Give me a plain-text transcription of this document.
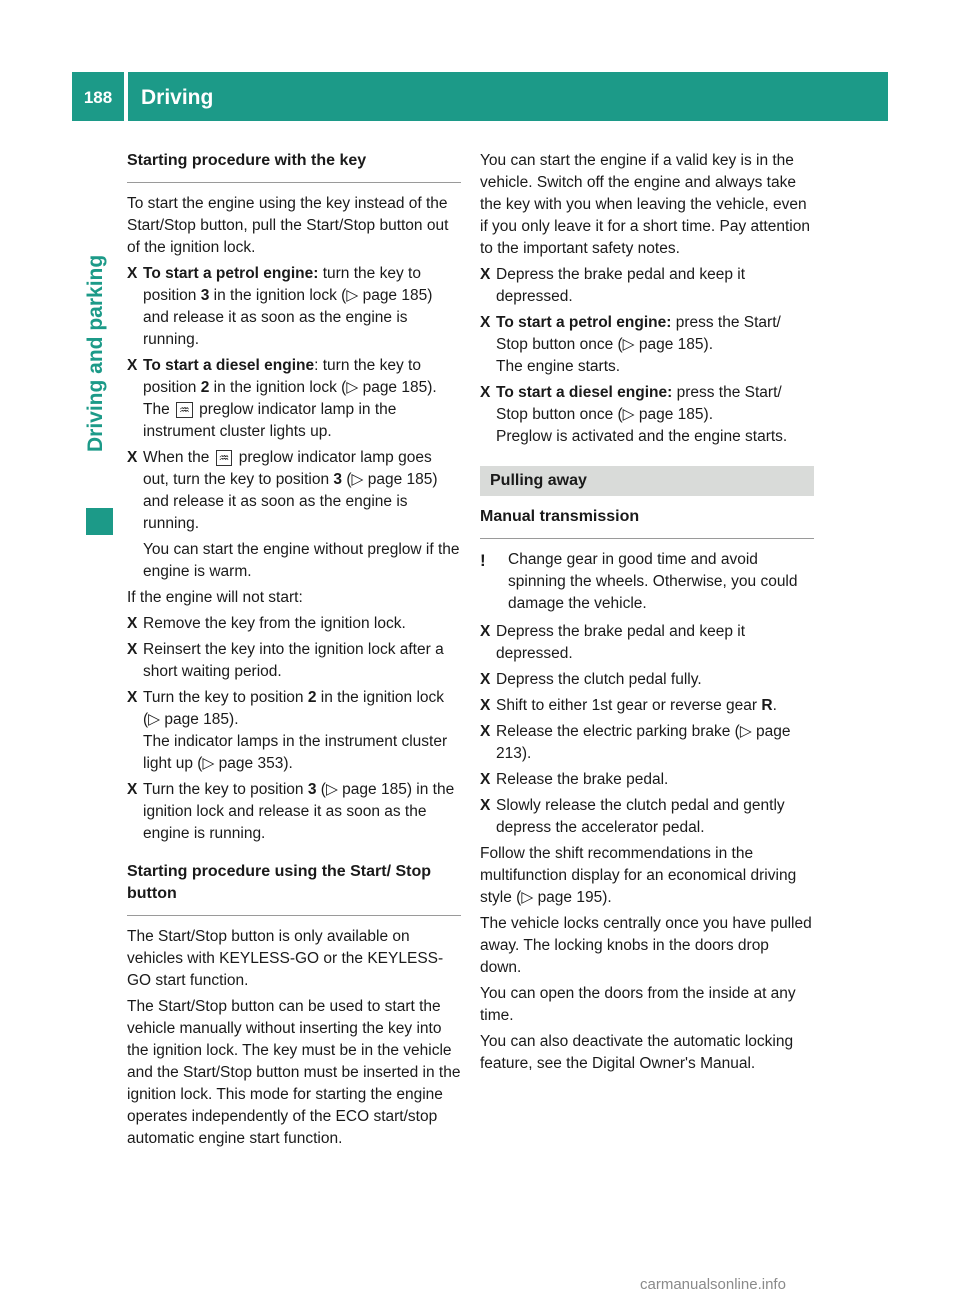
188	Driving
Driving and parking
Starting procedure with the key

To start the engine using the key instead of the Start/Stop button, pull the Start/Stop button out of the ignition lock.

X To start a petrol engine: turn the key to position 3 in the ignition lock (▷ page 185) and release it as soon as the engine is running.
X To start a diesel engine: turn the key to position 2 in the ignition lock (▷ page 185).
The ♒ preglow indicator lamp in the instrument cluster lights up.
X When the ♒ preglow indicator lamp goes out, turn the key to position 3 (▷ page 185) and release it as soon as the engine is running.

You can start the engine without preglow if the engine is warm.

If the engine will not start:

X Remove the key from the ignition lock.
X Reinsert the key into the ignition lock after a short waiting period.
X Turn the key to position 2 in the ignition lock (▷ page 185).
The indicator lamps in the instrument cluster light up (▷ page 353).
X Turn the key to position 3 (▷ page 185) in the ignition lock and release it as soon as the engine is running.
Starting procedure using the Start/ Stop button

The Start/Stop button is only available on vehicles with KEYLESS-GO or the KEYLESS-GO start function.

The Start/Stop button can be used to start the vehicle manually without inserting the key into the ignition lock. The key must be in the vehicle and the Start/Stop button must be inserted in the ignition lock. This mode for starting the engine operates independently of the ECO start/stop automatic engine start function.

You can start the engine if a valid key is in the vehicle. Switch off the engine and always take the key with you when leaving the vehicle, even if you only leave it for a short time. Pay attention to the important safety notes.

X Depress the brake pedal and keep it depressed.
X To start a petrol engine: press the Start/ Stop button once (▷ page 185).
The engine starts.
X To start a diesel engine: press the Start/ Stop button once (▷ page 185).
Preglow is activated and the engine starts.
Pulling away
Manual transmission
!	Change gear in good time and avoid spinning the wheels. Otherwise, you could damage the vehicle.
X Depress the brake pedal and keep it depressed.
X Depress the clutch pedal fully.
X Shift to either 1st gear or reverse gear R.
X Release the electric parking brake (▷ page 213).
X Release the brake pedal.
X Slowly release the clutch pedal and gently depress the accelerator pedal.

Follow the shift recommendations in the multifunction display for an economical driving style (▷ page 195).

The vehicle locks centrally once you have pulled away. The locking knobs in the doors drop down.

You can open the doors from the inside at any time.

You can also deactivate the automatic locking feature, see the Digital Owner's Manual.

carmanualsonline.info
